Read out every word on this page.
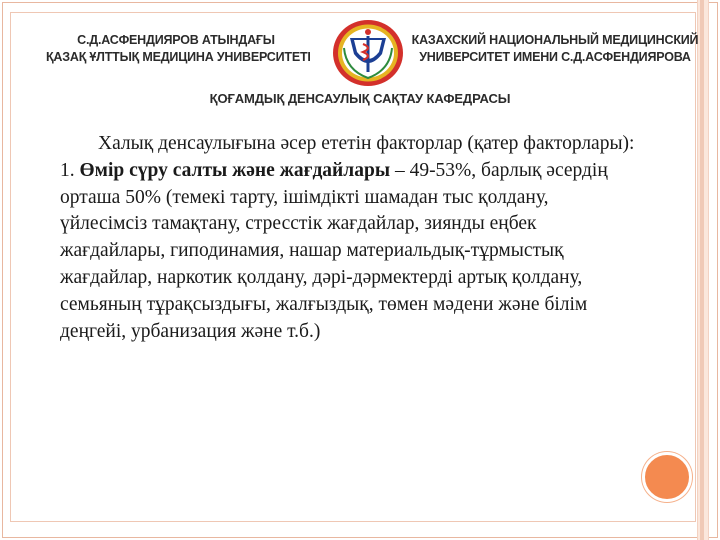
С.Д.АСФЕНДИЯРОВ АТЫНДАҒЫ
ҚАЗАҚ ҰЛТТЫҚ МЕДИЦИНА УНИВЕРСИТЕТІ
КАЗАХСКИЙ НАЦИОНАЛЬНЫЙ МЕДИЦИНСКИЙ
УНИВЕРСИТЕТ ИМЕНИ С.Д.АСФЕНДИЯРОВА
ҚОҒАМДЫҚ ДЕНСАУЛЫҚ САҚТАУ КАФЕДРАСЫ

Халық денсаулығына әсер ететін факторлар (қатер факторлары):

1. Өмір сүру салты және жағдайлары – 49-53%, барлық әсердің орташа 50% (темекі тарту, ішімдікті шамадан тыс қолдану, үйлесімсіз тамақтану, стресстік жағдайлар, зиянды еңбек жағдайлары, гиподинамия, нашар материальдық-тұрмыстық жағдайлар, наркотик қолдану, дәрі-дәрмектерді артық қолдану, семьяның тұрақсыздығы, жалғыздық, төмен мәдени және білім деңгейі, урбанизация және т.б.)
